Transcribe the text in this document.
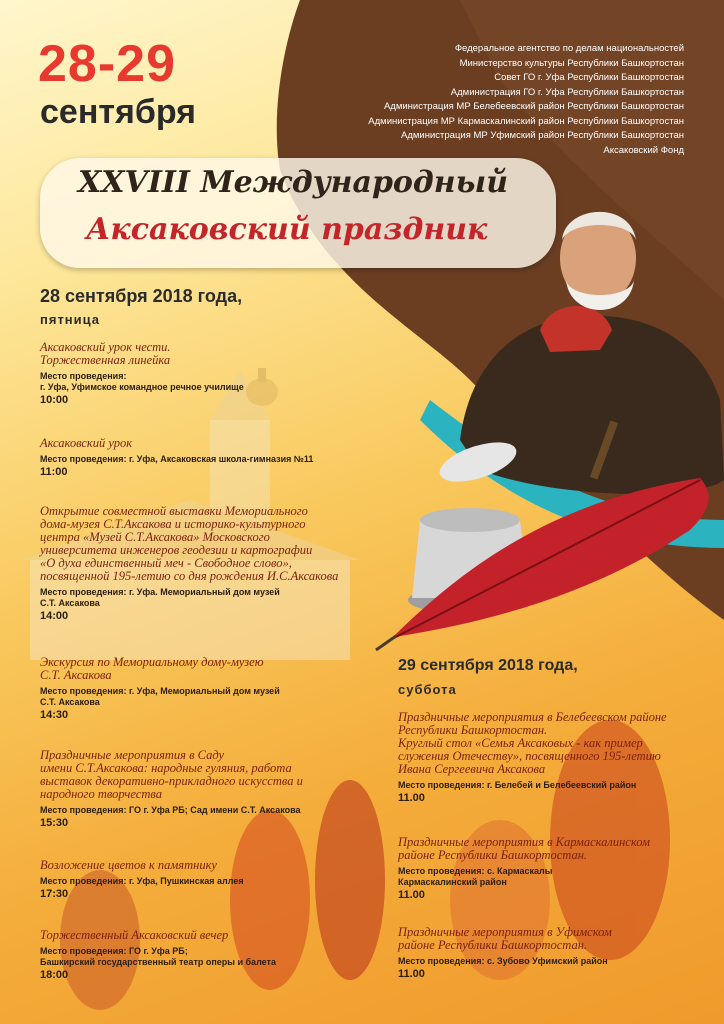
28-29
сентября
Федеральное агентство по делам национальностей
Министерство культуры Республики Башкортостан
Совет ГО г. Уфа Республики Башкортостан
Администрация ГО г. Уфа Республики Башкортостан
Администрация МР Белебеевский район Республики Башкортостан
Администрация МР Кармаскалинский район Республики Башкортостан
Администрация МР Уфимский район Республики Башкортостан
Аксаковский Фонд
XXVIII Международный
Аксаковский праздник
28 сентября 2018 года,
пятница
29 сентября 2018 года,
суббота
Аксаковский урок чести.
Торжественная линейка
Место проведения:
г. Уфа, Уфимское командное речное училище
10:00
Аксаковский урок
Место проведения: г. Уфа, Аксаковская школа-гимназия №11
11:00
Открытие совместной выставки Мемориального
дома-музея С.Т.Аксакова и историко-культурного
центра «Музей С.Т.Аксакова» Московского
университета инженеров геодезии и картографии
«О духа единственный меч - Свободное слово»,
посвященной 195-летию со дня рождения И.С.Аксакова
Место проведения: г. Уфа. Мемориальный дом музей
С.Т. Аксакова
14:00
Экскурсия по Мемориальному дому-музею
С.Т. Аксакова
Место проведения: г. Уфа, Мемориальный дом музей
С.Т. Аксакова
14:30
Праздничные мероприятия в Саду
имени С.Т.Аксакова: народные гуляния, работа
выставок декоративно-прикладного искусства и
народного творчества
Место проведения: ГО г. Уфа РБ; Сад имени С.Т. Аксакова
15:30
Возложение цветов к памятнику
Место проведения: г. Уфа, Пушкинская аллея
17:30
Торжественный Аксаковский вечер
Место проведения: ГО г. Уфа РБ;
Башкирский государственный театр оперы и балета
18:00
Праздничные мероприятия в Белебеевском районе
Республики Башкортостан.
Круглый стол «Семья Аксаковых - как пример
служения Отечеству», посвященного 195-летию
Ивана Сергеевича Аксакова
Место проведения: г. Белебей и Белебеевский район
11.00
Праздничные мероприятия в Кармаскалинском
районе Республики Башкортостан.
Место проведения: с. Кармаскалы
Кармаскалинский район
11.00
Праздничные мероприятия в Уфимском
районе Республики Башкортостан.
Место проведения: с. Зубово Уфимский район
11.00
